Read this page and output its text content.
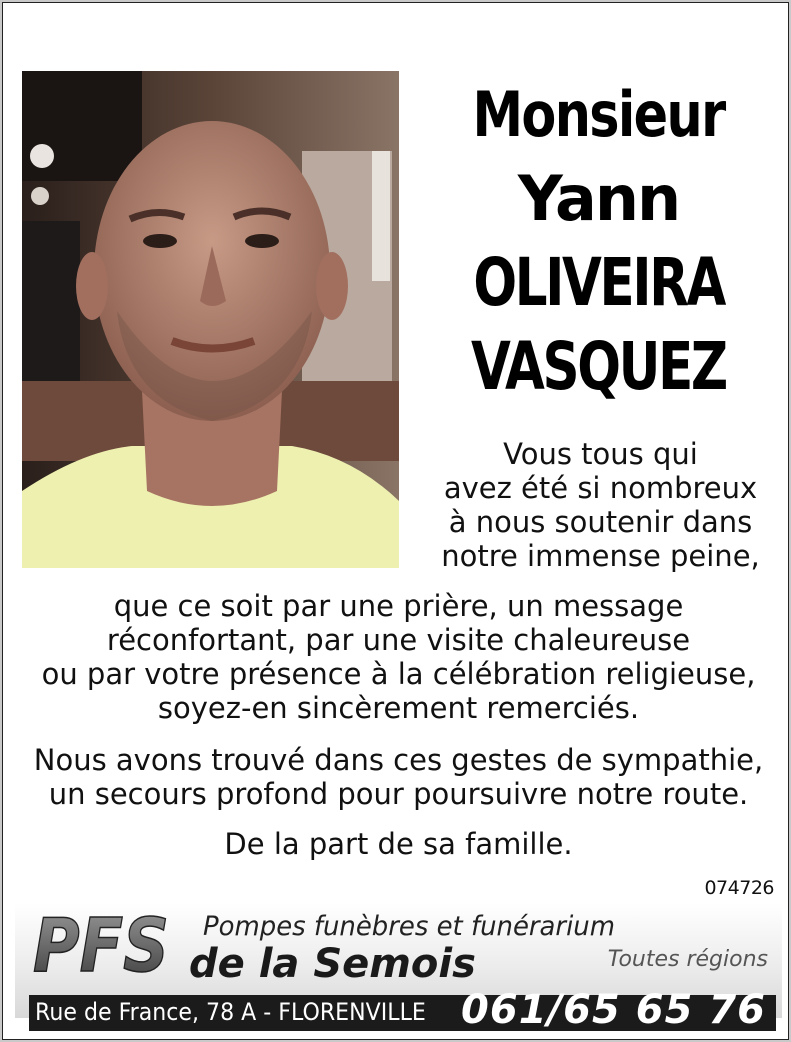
Monsieur
Yann
OLIVEIRA
VASQUEZ
Vous tous qui
avez été si nombreux
à nous soutenir dans
notre immense peine,
que ce soit par une prière, un message
réconfortant, par une visite chaleureuse
ou par votre présence à la célébration religieuse,
soyez-en sincèrement remerciés.
Nous avons trouvé dans ces gestes de sympathie,
un secours profond pour poursuivre notre route.
De la part de sa famille.
074726
PFS Pompes funèbres et funérarium
de la Semois	Toutes régions
Rue de France, 78 A - FLORENVILLE 061/65 65 76
